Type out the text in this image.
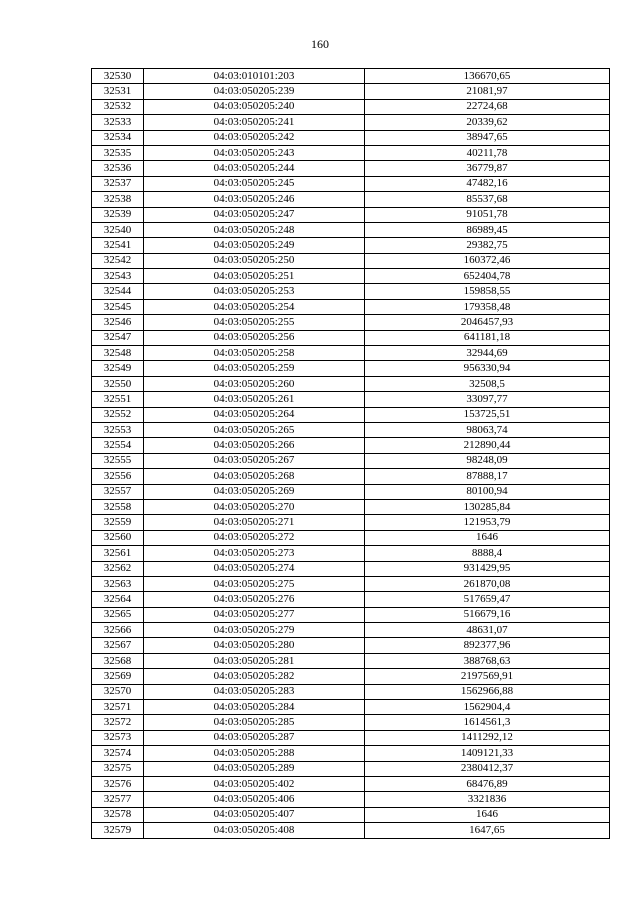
160
32530	04:03:010101:203	136670,65
32531	04:03:050205:239	21081,97
32532	04:03:050205:240	22724,68
32533	04:03:050205:241	20339,62
32534	04:03:050205:242	38947,65
32535	04:03:050205:243	40211,78
32536	04:03:050205:244	36779,87
32537	04:03:050205:245	47482,16
32538	04:03:050205:246	85537,68
32539	04:03:050205:247	91051,78
32540	04:03:050205:248	86989,45
32541	04:03:050205:249	29382,75
32542	04:03:050205:250	160372,46
32543	04:03:050205:251	652404,78
32544	04:03:050205:253	159858,55
32545	04:03:050205:254	179358,48
32546	04:03:050205:255	2046457,93
32547	04:03:050205:256	641181,18
32548	04:03:050205:258	32944,69
32549	04:03:050205:259	956330,94
32550	04:03:050205:260	32508,5
32551	04:03:050205:261	33097,77
32552	04:03:050205:264	153725,51
32553	04:03:050205:265	98063,74
32554	04:03:050205:266	212890,44
32555	04:03:050205:267	98248,09
32556	04:03:050205:268	87888,17
32557	04:03:050205:269	80100,94
32558	04:03:050205:270	130285,84
32559	04:03:050205:271	121953,79
32560	04:03:050205:272	1646
32561	04:03:050205:273	8888,4
32562	04:03:050205:274	931429,95
32563	04:03:050205:275	261870,08
32564	04:03:050205:276	517659,47
32565	04:03:050205:277	516679,16
32566	04:03:050205:279	48631,07
32567	04:03:050205:280	892377,96
32568	04:03:050205:281	388768,63
32569	04:03:050205:282	2197569,91
32570	04:03:050205:283	1562966,88
32571	04:03:050205:284	1562904,4
32572	04:03:050205:285	1614561,3
32573	04:03:050205:287	1411292,12
32574	04:03:050205:288	1409121,33
32575	04:03:050205:289	2380412,37
32576	04:03:050205:402	68476,89
32577	04:03:050205:406	3321836
32578	04:03:050205:407	1646
32579	04:03:050205:408	1647,65
